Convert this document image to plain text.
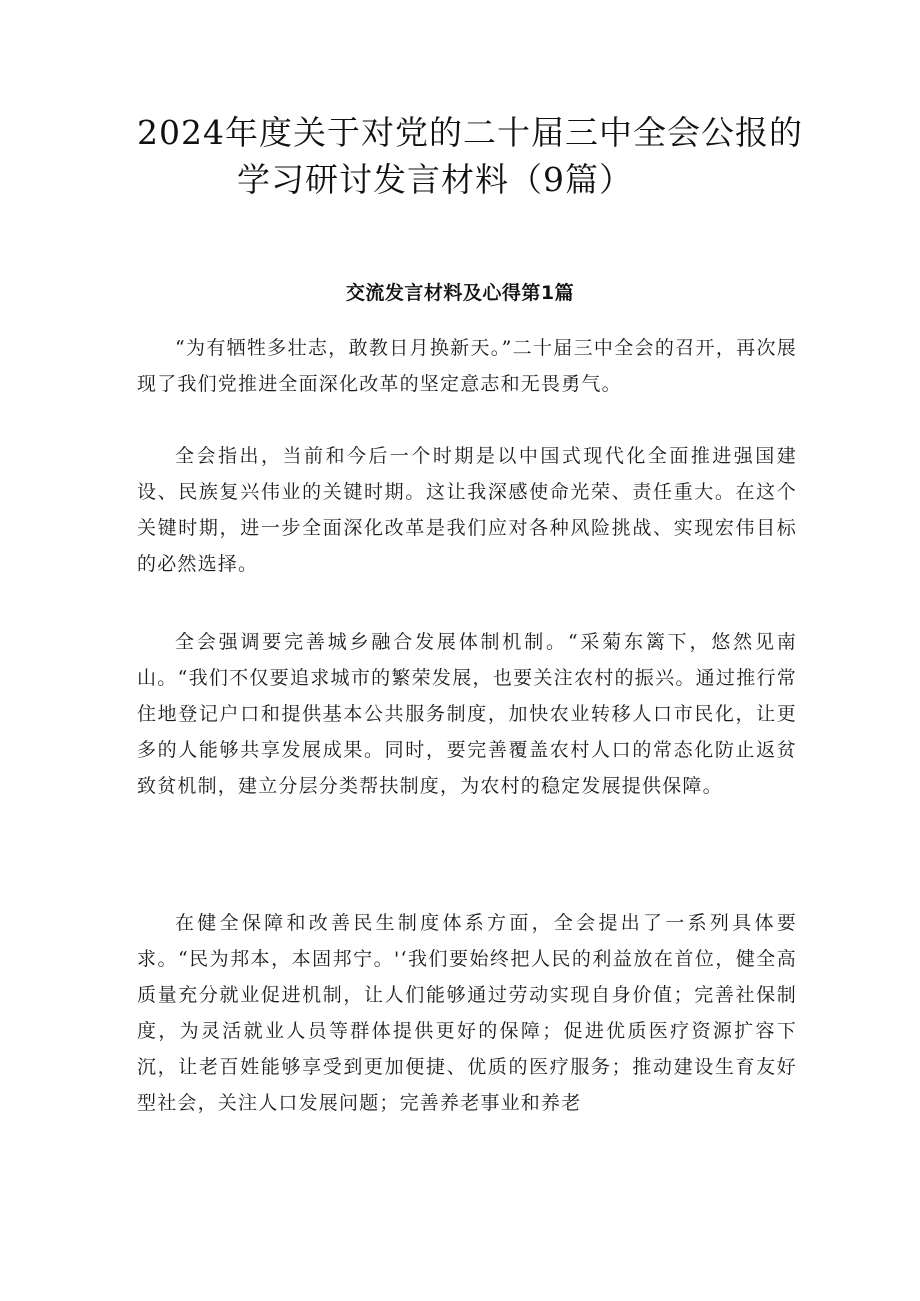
2024年度关于对党的二十届三中全会公报的
学习研讨发言材料（9篇）
交流发言材料及心得第1篇

“为有牺牲多壮志，敢教日月换新天。”二十届三中全会的召开，再次展现了我们党推进全面深化改革的坚定意志和无畏勇气。

全会指出，当前和今后一个时期是以中国式现代化全面推进强国建设、民族复兴伟业的关键时期。这让我深感使命光荣、责任重大。在这个关键时期，进一步全面深化改革是我们应对各种风险挑战、实现宏伟目标的必然选择。

全会强调要完善城乡融合发展体制机制。“采菊东篱下，悠然见南山。“我们不仅要追求城市的繁荣发展，也要关注农村的振兴。通过推行常住地登记户口和提供基本公共服务制度，加快农业转移人口市民化，让更多的人能够共享发展成果。同时，要完善覆盖农村人口的常态化防止返贫致贫机制，建立分层分类帮扶制度，为农村的稳定发展提供保障。

在健全保障和改善民生制度体系方面，全会提出了一系列具体要求。“民为邦本，本固邦宁。'‘我们要始终把人民的利益放在首位，健全高质量充分就业促进机制，让人们能够通过劳动实现自身价值；完善社保制度，为灵活就业人员等群体提供更好的保障；促进优质医疗资源扩容下沉，让老百姓能够享受到更加便捷、优质的医疗服务；推动建设生育友好型社会，关注人口发展问题；完善养老事业和养老
